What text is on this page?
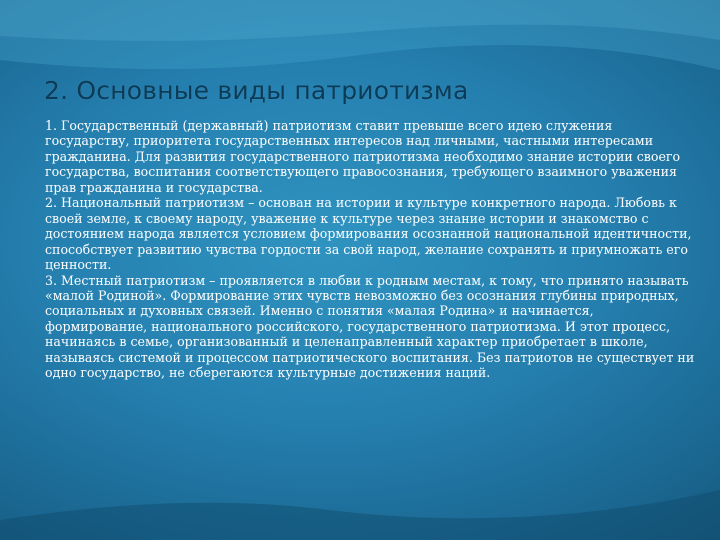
2. Основные виды патриотизма

1. Государственный (державный) патриотизм ставит превыше всего идею служения государству, приоритета государственных интересов над личными, частными интересами гражданина. Для развития государственного патриотизма необходимо знание истории своего государства, воспитания соответствующего правосознания, требующего взаимного уважения прав гражданина и государства.

2. Национальный патриотизм – основан на истории и культуре конкретного народа. Любовь к своей земле, к своему народу, уважение к культуре через знание истории и знакомство с достоянием народа является условием формирования осознанной национальной идентичности, способствует развитию чувства гордости за свой народ, желание сохранять и приумножать его ценности.

3. Местный патриотизм – проявляется в любви к родным местам, к тому, что принято называть «малой Родиной». Формирование этих чувств невозможно без осознания глубины природных, социальных и духовных связей. Именно с понятия «малая Родина» и начинается, формирование, национального российского, государственного патриотизма. И этот процесс, начинаясь в семье, организованный и целенаправленный характер приобретает в школе, называясь системой и процессом патриотического воспитания. Без патриотов не существует ни одно государство, не сберегаются культурные достижения наций.
